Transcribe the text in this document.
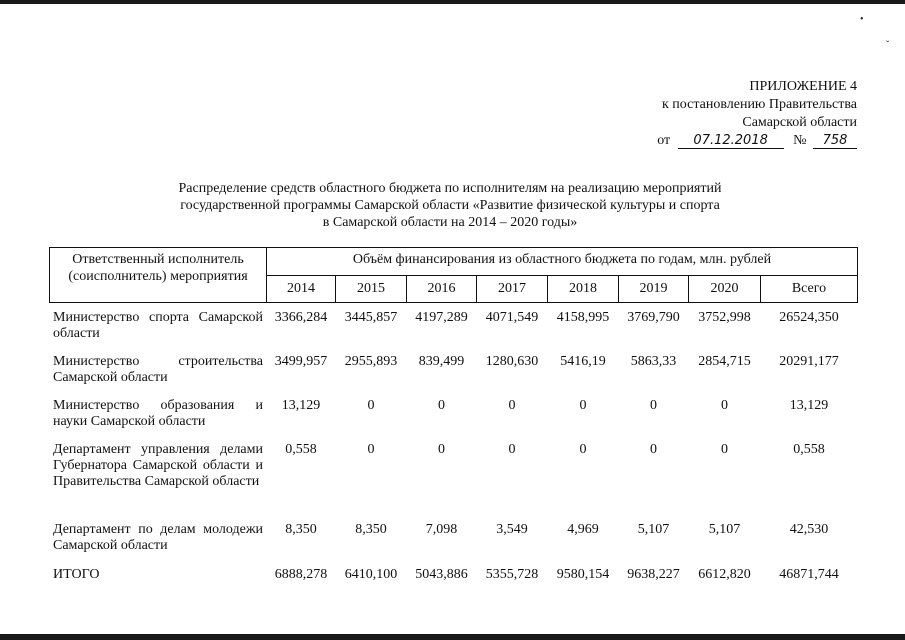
•
ˇ
ПРИЛОЖЕНИЕ 4
к постановлению Правительства
Самарской области
от 07.12.2018 № 758
Распределение средств областного бюджета по исполнителям на реализацию мероприятий
государственной программы Самарской области «Развитие физической культуры и спорта
в Самарской области на 2014 – 2020 годы»
Ответственный исполнитель
(соисполнитель) мероприятия
Объём финансирования из областного бюджета по годам, млн. рублей
2014	2015	2016	2017	2018	2019	2020	Всего
Министерство спорта Самарской области
3366,284	3445,857	4197,289	4071,549	4158,995	3769,790	3752,998	26524,350
Министерство строительства Самарской области
3499,957	2955,893	839,499	1280,630	5416,19	5863,33	2854,715	20291,177
Министерство образования и науки Самарской области
13,129	0	0	0	0	0	0	13,129
Департамент управления делами Губернатора Самарской области и Правительства Самарской области
0,558	0	0	0	0	0	0	0,558
Департамент по делам молодежи Самарской области
8,350	8,350	7,098	3,549	4,969	5,107	5,107	42,530
ИТОГО	6888,278	6410,100	5043,886	5355,728	9580,154	9638,227	6612,820	46871,744
